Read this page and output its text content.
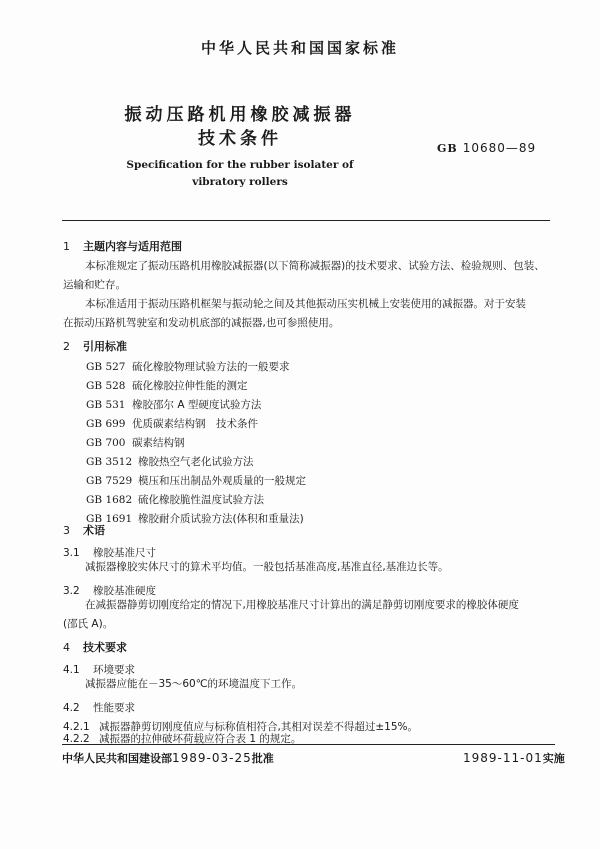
中华人民共和国国家标准
振动压路机用橡胶减振器
技术条件
Specification for the rubber isolater of
vibratory rollers
GB 10680—89
1 主题内容与适用范围
本标准规定了振动压路机用橡胶减振器(以下简称减振器)的技术要求、试验方法、检验规则、包装、
运输和贮存。
本标准适用于振动压路机框架与振动轮之间及其他振动压实机械上安装使用的减振器。对于安装
在振动压路机驾驶室和发动机底部的减振器,也可参照使用。
2 引用标准
GB 527 硫化橡胶物理试验方法的一般要求
GB 528 硫化橡胶拉伸性能的测定
GB 531 橡胶邵尔 A 型硬度试验方法
GB 699 优质碳素结构钢　技术条件
GB 700 碳素结构钢
GB 3512 橡胶热空气老化试验方法
GB 7529 模压和压出制品外观质量的一般规定
GB 1682 硫化橡胶脆性温度试验方法
GB 1691 橡胶耐介质试验方法(体积和重量法)
3 术语
3.1 橡胶基准尺寸
减振器橡胶实体尺寸的算术平均值。一般包括基准高度,基准直径,基准边长等。
3.2 橡胶基准硬度
在减振器静剪切刚度给定的情况下,用橡胶基准尺寸计算出的满足静剪切刚度要求的橡胶体硬度
(邵氏 A)。
4 技术要求
4.1 环境要求
减振器应能在－35～60℃的环境温度下工作。
4.2 性能要求
4.2.1 减振器静剪切刚度值应与标称值相符合,其相对误差不得超过±15%。
4.2.2 减振器的拉伸破坏荷载应符合表 1 的规定。
中华人民共和国建设部1989-03-25批准	1989-11-01实施
